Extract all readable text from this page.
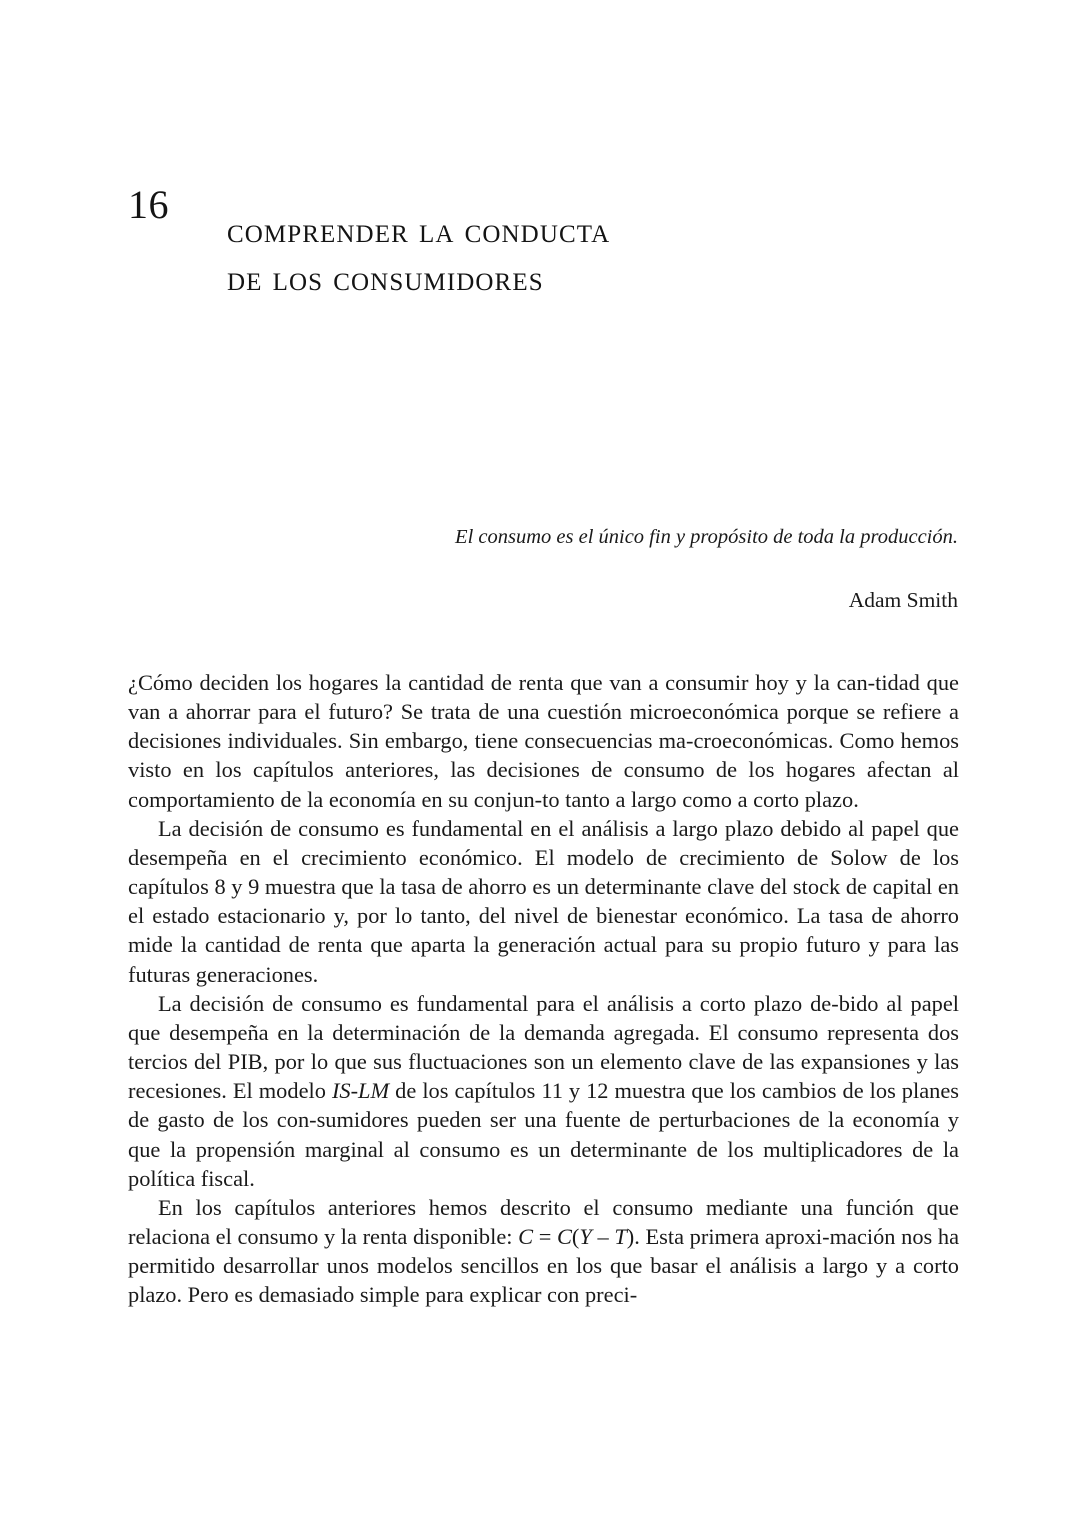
16
comprender la conducta
de los consumidores
El consumo es el único fin y propósito de toda la producción.
Adam Smith

¿Cómo deciden los hogares la cantidad de renta que van a consumir hoy y la can-tidad que van a ahorrar para el futuro? Se trata de una cuestión microeconómica porque se refiere a decisiones individuales. Sin embargo, tiene consecuencias ma-croeconómicas. Como hemos visto en los capítulos anteriores, las decisiones de consumo de los hogares afectan al comportamiento de la economía en su conjun-to tanto a largo como a corto plazo.

La decisión de consumo es fundamental en el análisis a largo plazo debido al papel que desempeña en el crecimiento económico. El modelo de crecimiento de Solow de los capítulos 8 y 9 muestra que la tasa de ahorro es un determinante clave del stock de capital en el estado estacionario y, por lo tanto, del nivel de bienestar económico. La tasa de ahorro mide la cantidad de renta que aparta la generación actual para su propio futuro y para las futuras generaciones.

La decisión de consumo es fundamental para el análisis a corto plazo de-bido al papel que desempeña en la determinación de la demanda agregada. El consumo representa dos tercios del PIB, por lo que sus fluctuaciones son un elemento clave de las expansiones y las recesiones. El modelo IS-LM de los capítulos 11 y 12 muestra que los cambios de los planes de gasto de los con-sumidores pueden ser una fuente de perturbaciones de la economía y que la propensión marginal al consumo es un determinante de los multiplicadores de la política fiscal.

En los capítulos anteriores hemos descrito el consumo mediante una función que relaciona el consumo y la renta disponible: C = C(Y – T). Esta primera aproxi-mación nos ha permitido desarrollar unos modelos sencillos en los que basar el análisis a largo y a corto plazo. Pero es demasiado simple para explicar con preci-
